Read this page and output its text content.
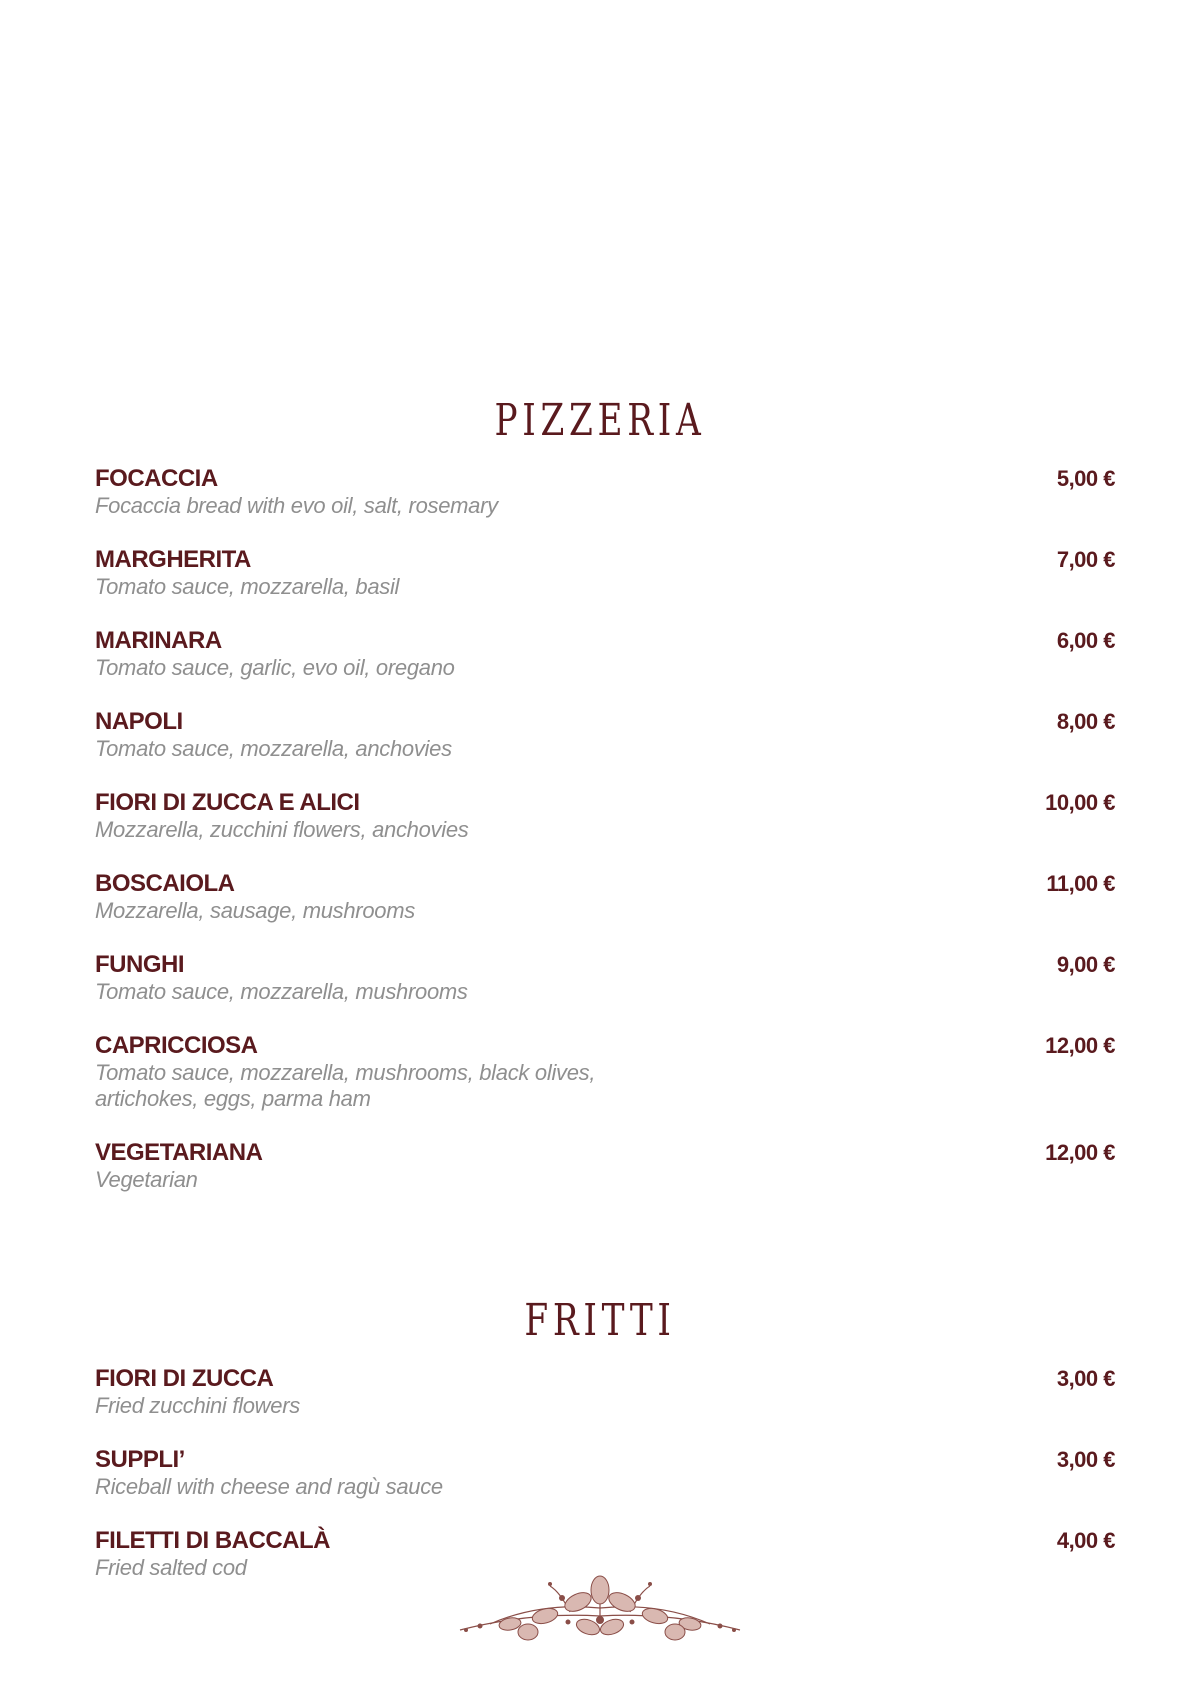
PIZZERIA
FOCACCIA
Focaccia bread with evo oil, salt, rosemary
5,00 €
MARGHERITA
Tomato sauce, mozzarella, basil
7,00 €
MARINARA
Tomato sauce, garlic, evo oil, oregano
6,00 €
NAPOLI
Tomato sauce, mozzarella, anchovies
8,00 €
FIORI DI ZUCCA E ALICI
Mozzarella, zucchini flowers, anchovies
10,00 €
BOSCAIOLA
Mozzarella, sausage, mushrooms
11,00 €
FUNGHI
Tomato sauce, mozzarella, mushrooms
9,00 €
CAPRICCIOSA
Tomato sauce, mozzarella, mushrooms, black olives, artichokes, eggs, parma ham
12,00 €
VEGETARIANA
Vegetarian
12,00 €
FRITTI
FIORI DI ZUCCA
Fried zucchini flowers
3,00 €
SUPPLI’
Riceball with cheese and ragù sauce
3,00 €
FILETTI DI BACCALÀ
Fried salted cod
4,00 €
